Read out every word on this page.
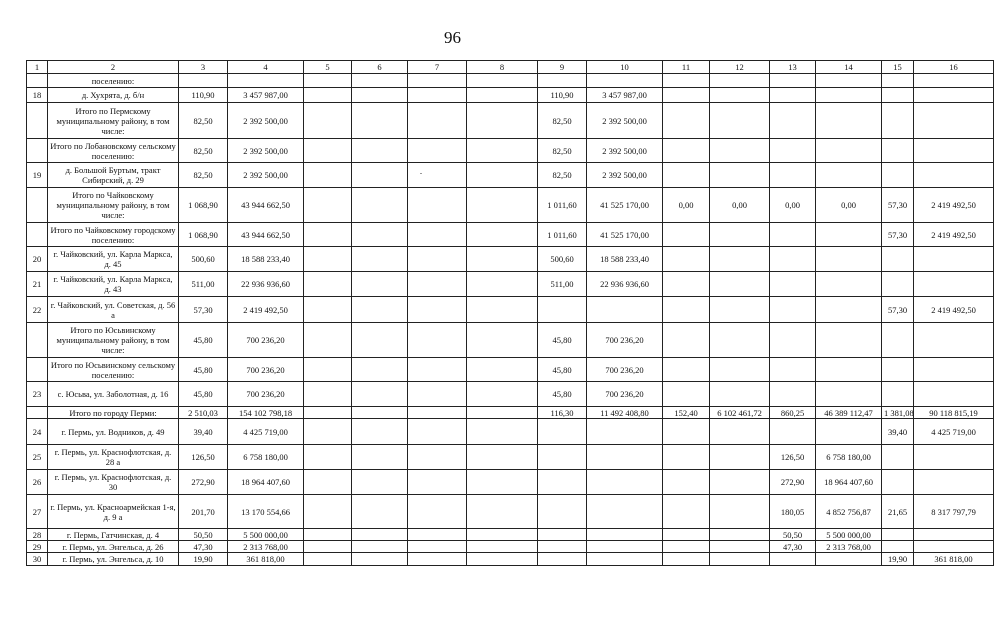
96
1	2	3	4	5	6	7	8	9	10	11	12	13	14	15	16
	поселению:														
18	д. Хухрята, д. б/н	110,90	3 457 987,00					110,90	3 457 987,00						
	Итого по Пермскому муниципальному району, в том числе:	82,50	2 392 500,00					82,50	2 392 500,00						
	Итого по Лобановскому сельскому поселению:	82,50	2 392 500,00					82,50	2 392 500,00						
19	д. Большой Буртым, тракт Сибирский, д. 29	82,50	2 392 500,00					82,50	2 392 500,00						
	Итого по Чайковскому муниципальному району, в том числе:	1 068,90	43 944 662,50					1 011,60	41 525 170,00	0,00	0,00	0,00	0,00	57,30	2 419 492,50
	Итого по Чайковскому городскому поселению:	1 068,90	43 944 662,50					1 011,60	41 525 170,00					57,30	2 419 492,50
20	г. Чайковский, ул. Карла Маркса, д. 45	500,60	18 588 233,40					500,60	18 588 233,40						
21	г. Чайковский, ул. Карла Маркса, д. 43	511,00	22 936 936,60					511,00	22 936 936,60						
22	г. Чайковский, ул. Советская, д. 56 а	57,30	2 419 492,50											57,30	2 419 492,50
	Итого по Юсьвинскому муниципальному району, в том числе:	45,80	700 236,20					45,80	700 236,20						
	Итого по Юсьвинскому сельскому поселению:	45,80	700 236,20					45,80	700 236,20						
23	с. Юсьва, ул. Заболотная, д. 16	45,80	700 236,20					45,80	700 236,20						
	Итого по городу Перми:	2 510,03	154 102 798,18					116,30	11 492 408,80	152,40	6 102 461,72	860,25	46 389 112,47	1 381,08	90 118 815,19
24	г. Пермь, ул. Водников, д. 49	39,40	4 425 719,00											39,40	4 425 719,00
25	г. Пермь, ул. Краснофлотская, д. 28 а	126,50	6 758 180,00									126,50	6 758 180,00		
26	г. Пермь, ул. Краснофлотская, д. 30	272,90	18 964 407,60									272,90	18 964 407,60		
27	г. Пермь, ул. Красноармейская 1-я, д. 9 а	201,70	13 170 554,66									180,05	4 852 756,87	21,65	8 317 797,79
28	г. Пермь, Гатчинская, д. 4	50,50	5 500 000,00									50,50	5 500 000,00		
29	г. Пермь, ул. Энгельса, д. 26	47,30	2 313 768,00									47,30	2 313 768,00		
30	г. Пермь, ул. Энгельса, д. 10	19,90	361 818,00											19,90	361 818,00
